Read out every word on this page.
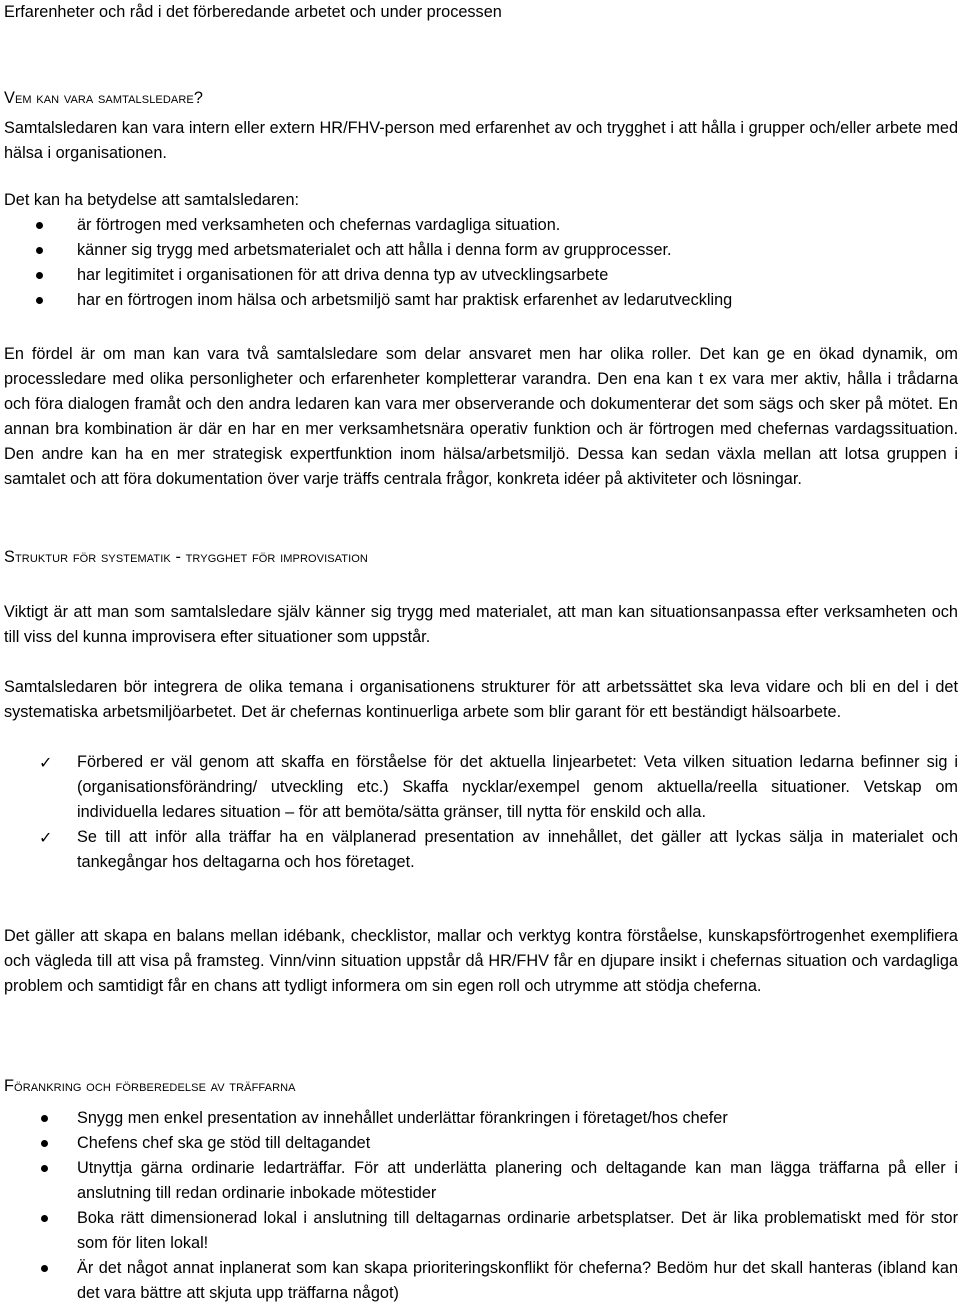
Erfarenheter och råd i det förberedande arbetet och under processen

Vem kan vara samtalsledare?

Samtalsledaren kan vara intern eller extern HR/FHV-person med erfarenhet av och trygghet i att hålla i grupper och/eller arbete med hälsa i organisationen.

Det kan ha betydelse att samtalsledaren:

är förtrogen med verksamheten och chefernas vardagliga situation.
känner sig trygg med arbetsmaterialet och att hålla i denna form av grupprocesser.
har legitimitet i organisationen för att driva denna typ av utvecklingsarbete
har en förtrogen inom hälsa och arbetsmiljö samt har praktisk erfarenhet av ledarutveckling

En fördel är om man kan vara två samtalsledare som delar ansvaret men har olika roller. Det kan ge en ökad dynamik, om processledare med olika personligheter och erfarenheter kompletterar varandra. Den ena kan t ex vara mer aktiv, hålla i trådarna och föra dialogen framåt och den andra ledaren kan vara mer observerande och dokumenterar det som sägs och sker på mötet. En annan bra kombination är där en har en mer verksamhetsnära operativ funktion och är förtrogen med chefernas vardagssituation. Den andre kan ha en mer strategisk expertfunktion inom hälsa/arbetsmiljö. Dessa kan sedan växla mellan att lotsa gruppen i samtalet och att föra dokumentation över varje träffs centrala frågor, konkreta idéer på aktiviteter och lösningar.

Struktur för systematik - trygghet för improvisation

Viktigt är att man som samtalsledare själv känner sig trygg med materialet, att man kan situationsanpassa efter verksamheten och till viss del kunna improvisera efter situationer som uppstår.

Samtalsledaren bör integrera de olika temana i organisationens strukturer för att arbetssättet ska leva vidare och bli en del i det systematiska arbetsmiljöarbetet. Det är chefernas kontinuerliga arbete som blir garant för ett beständigt hälsoarbete.

✓ Förbered er väl genom att skaffa en förståelse för det aktuella linjearbetet: Veta vilken situation ledarna befinner sig i (organisationsförändring/ utveckling etc.) Skaffa nycklar/exempel genom aktuella/reella situationer. Vetskap om individuella ledares situation – för att bemöta/sätta gränser, till nytta för enskild och alla.
✓ Se till att inför alla träffar ha en välplanerad presentation av innehållet, det gäller att lyckas sälja in materialet och tankegångar hos deltagarna och hos företaget.

Det gäller att skapa en balans mellan idébank, checklistor, mallar och verktyg kontra förståelse, kunskapsförtrogenhet exemplifiera och vägleda till att visa på framsteg. Vinn/vinn situation uppstår då HR/FHV får en djupare insikt i chefernas situation och vardagliga problem och samtidigt får en chans att tydligt informera om sin egen roll och utrymme att stödja cheferna.

Förankring och förberedelse av träffarna

Snygg men enkel presentation av innehållet underlättar förankringen i företaget/hos chefer
Chefens chef ska ge stöd till deltagandet
Utnyttja gärna ordinarie ledarträffar. För att underlätta planering och deltagande kan man lägga träffarna på eller i anslutning till redan ordinarie inbokade mötestider
Boka rätt dimensionerad lokal i anslutning till deltagarnas ordinarie arbetsplatser. Det är lika problematiskt med för stor som för liten lokal!
Är det något annat inplanerat som kan skapa prioriteringskonflikt för cheferna? Bedöm hur det skall hanteras (ibland kan det vara bättre att skjuta upp träffarna något)
